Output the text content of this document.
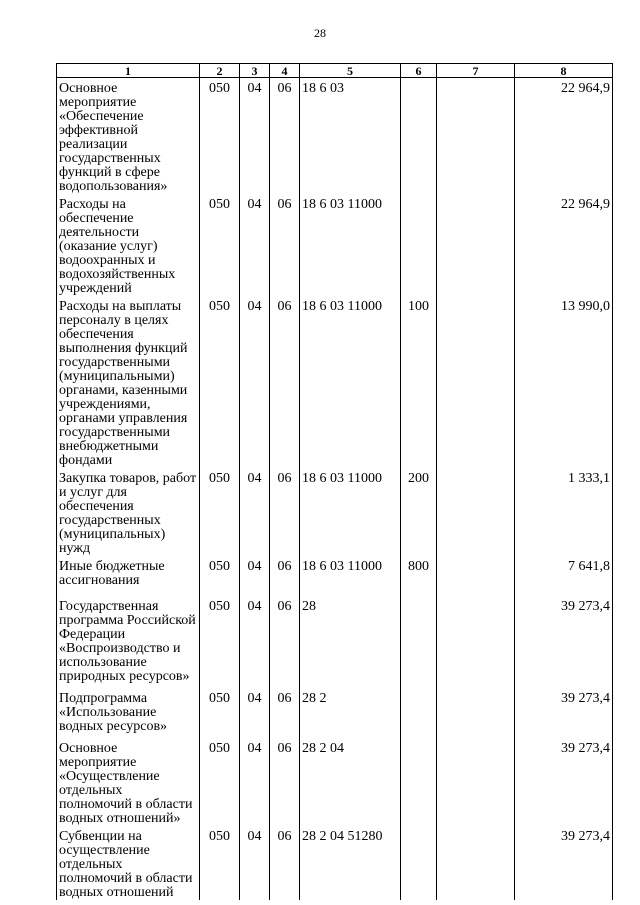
28
1	2	3	4	5	6	7	8
Основное мероприятие «Обеспечение эффективной реализации государственных функций в сфере водопользования»	050	04	06	18 6 03			22 964,9
Расходы на обеспечение деятельности (оказание услуг) водоохранных и водохозяйственных учреждений	050	04	06	18 6 03 11000			22 964,9
Расходы на выплаты персоналу в целях обеспечения выполнения функций государственными (муниципальными) органами, казенными учреждениями, органами управления государственными внебюджетными фондами	050	04	06	18 6 03 11000	100		13 990,0
Закупка товаров, работ и услуг для обеспечения государственных (муниципальных) нужд	050	04	06	18 6 03 11000	200		1 333,1
Иные бюджетные ассигнования	050	04	06	18 6 03 11000	800		7 641,8
Государственная программа Российской Федерации «Воспроизводство и использование природных ресурсов»	050	04	06	28			39 273,4
Подпрограмма «Использование водных ресурсов»	050	04	06	28 2			39 273,4
Основное мероприятие «Осуществление отдельных полномочий в области водных отношений»	050	04	06	28 2 04			39 273,4
Субвенции на осуществление отдельных полномочий в области водных отношений	050	04	06	28 2 04 51280			39 273,4
